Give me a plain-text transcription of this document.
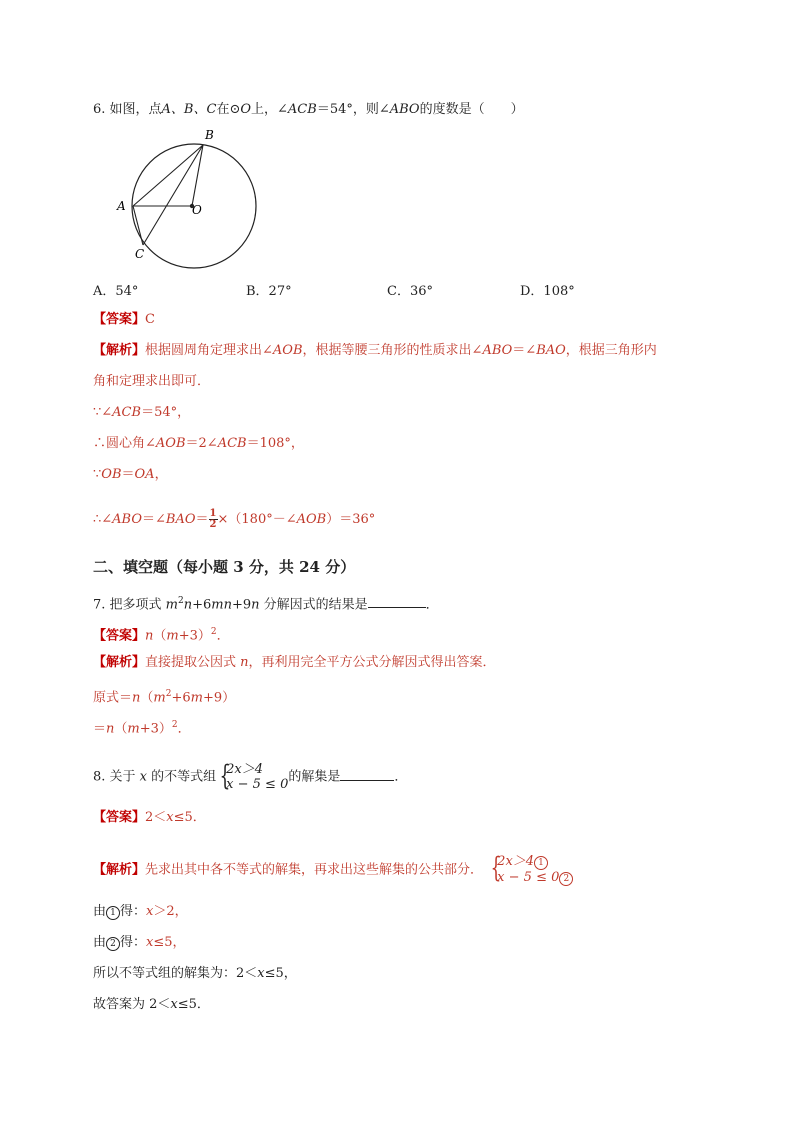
6. 如图，点A、B、C在⊙O上，∠ACB＝54°，则∠ABO的度数是（　　）
B
A	O
C
A．54°	B．27°	C．36°	D．108°
【答案】C
【解析】根据圆周角定理求出∠AOB，根据等腰三角形的性质求出∠ABO＝∠BAO，根据三角形内
角和定理求出即可．
∵∠ACB＝54°，
∴圆心角∠AOB＝2∠ACB＝108°，
∵OB＝OA，
∴∠ABO＝∠BAO＝ $\frac{1}{2}\times(180^\circ-\angle AOB)=36^\circ$
二、填空题（每小题 3 分，共 24 分）
7. 把多项式 $m^2n+6mn+9n$ 分解因式的结果是	．
【答案】$n(m+3)^2$．
【解析】直接提取公因式 n，再利用完全平方公式分解因式得出答案．
原式$=n(m^2+6m+9)$
$=n(m+3)^2$．
8. 关于 x 的不等式组 {
2x＞4
x − 5 ≤ 0 的解集是	．
【答案】2＜x≤5．
【解析】先求出其中各不等式的解集，再求出这些解集的公共部分． {
2x＞4 1
x − 5 ≤ 0 2
由 1 得：x＞2，
由 2 得：x≤5，
所以不等式组的解集为：2＜x≤5，
故答案为 2＜x≤5．
